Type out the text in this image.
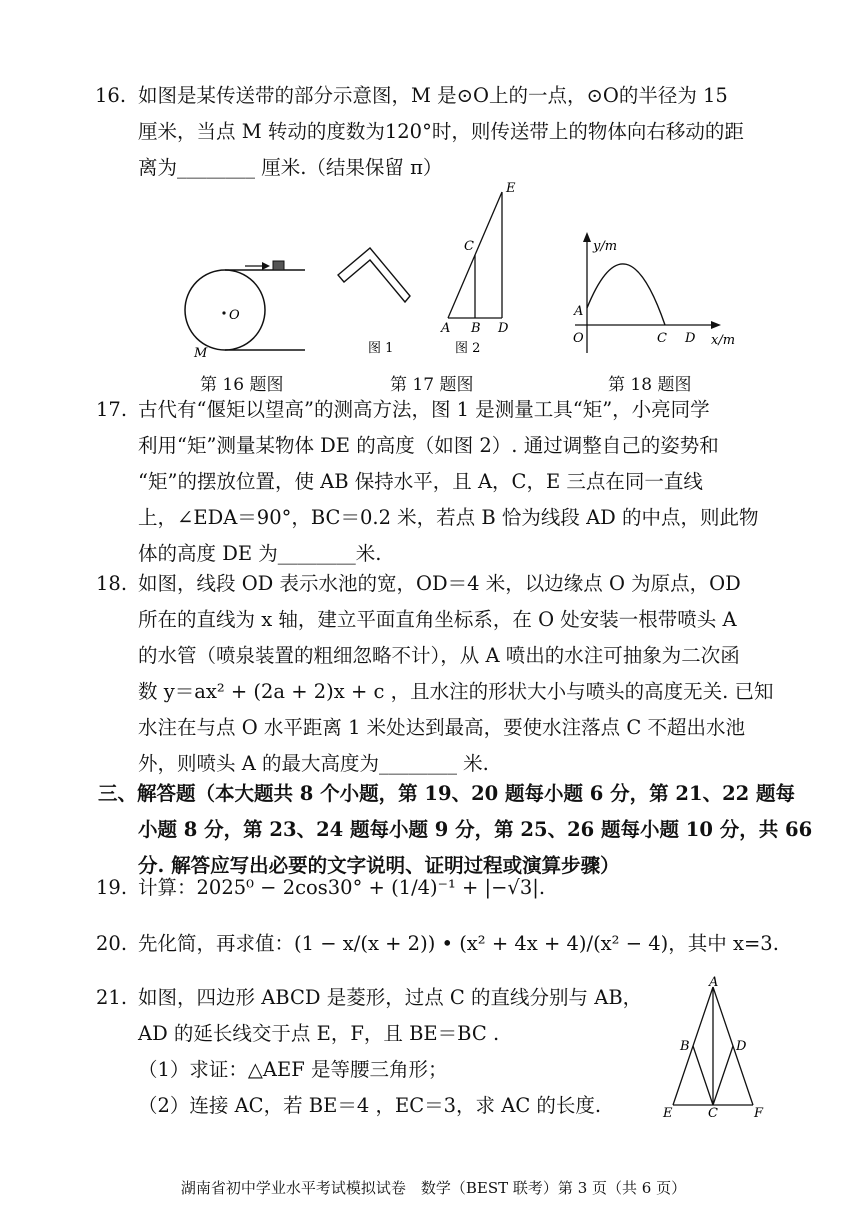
16. 如图是某传送带的部分示意图，M 是⊙O上的一点，⊙O的半径为 15
厘米，当点 M 转动的度数为120°时，则传送带上的物体向右移动的距
离为________ 厘米.（结果保留 π）
O
M
第 16 题图
图 1
E
C
A B D
图 2
第 17 题图
y/m
x/m
A
O	C D
第 18 题图
17. 古代有“偃矩以望高”的测高方法，图 1 是测量工具“矩”，小亮同学
利用“矩”测量某物体 DE 的高度（如图 2）. 通过调整自己的姿势和
“矩”的摆放位置，使 AB 保持水平，且 A，C，E 三点在同一直线
上，∠EDA＝90°，BC＝0.2 米，若点 B 恰为线段 AD 的中点，则此物
体的高度 DE 为________米.
18. 如图，线段 OD 表示水池的宽，OD＝4 米，以边缘点 O 为原点，OD
所在的直线为 x 轴，建立平面直角坐标系，在 O 处安装一根带喷头 A
的水管（喷泉装置的粗细忽略不计），从 A 喷出的水注可抽象为二次函
数 y＝ax² + (2a + 2)x + c ，且水注的形状大小与喷头的高度无关. 已知
水注在与点 O 水平距离 1 米处达到最高，要使水注落点 C 不超出水池
外，则喷头 A 的最大高度为________ 米.
三、解答题（本大题共 8 个小题，第 19、20 题每小题 6 分，第 21、22 题每
小题 8 分，第 23、24 题每小题 9 分，第 25、26 题每小题 10 分，共 66
分. 解答应写出必要的文字说明、证明过程或演算步骤）
19. 计算：2025⁰ − 2cos30° + (1/4)⁻¹ + |−√3|.
20. 先化简，再求值：(1 − x/(x + 2)) • (x² + 4x + 4)/(x² − 4)，其中 x=3.
21. 如图，四边形 ABCD 是菱形，过点 C 的直线分别与 AB，
AD 的延长线交于点 E，F，且 BE＝BC .
（1）求证：△AEF 是等腰三角形；
（2）连接 AC，若 BE＝4 ，EC＝3，求 AC 的长度.
A
B	D
E	C	F
湖南省初中学业水平考试模拟试卷　数学（BEST 联考）第 3 页（共 6 页）
